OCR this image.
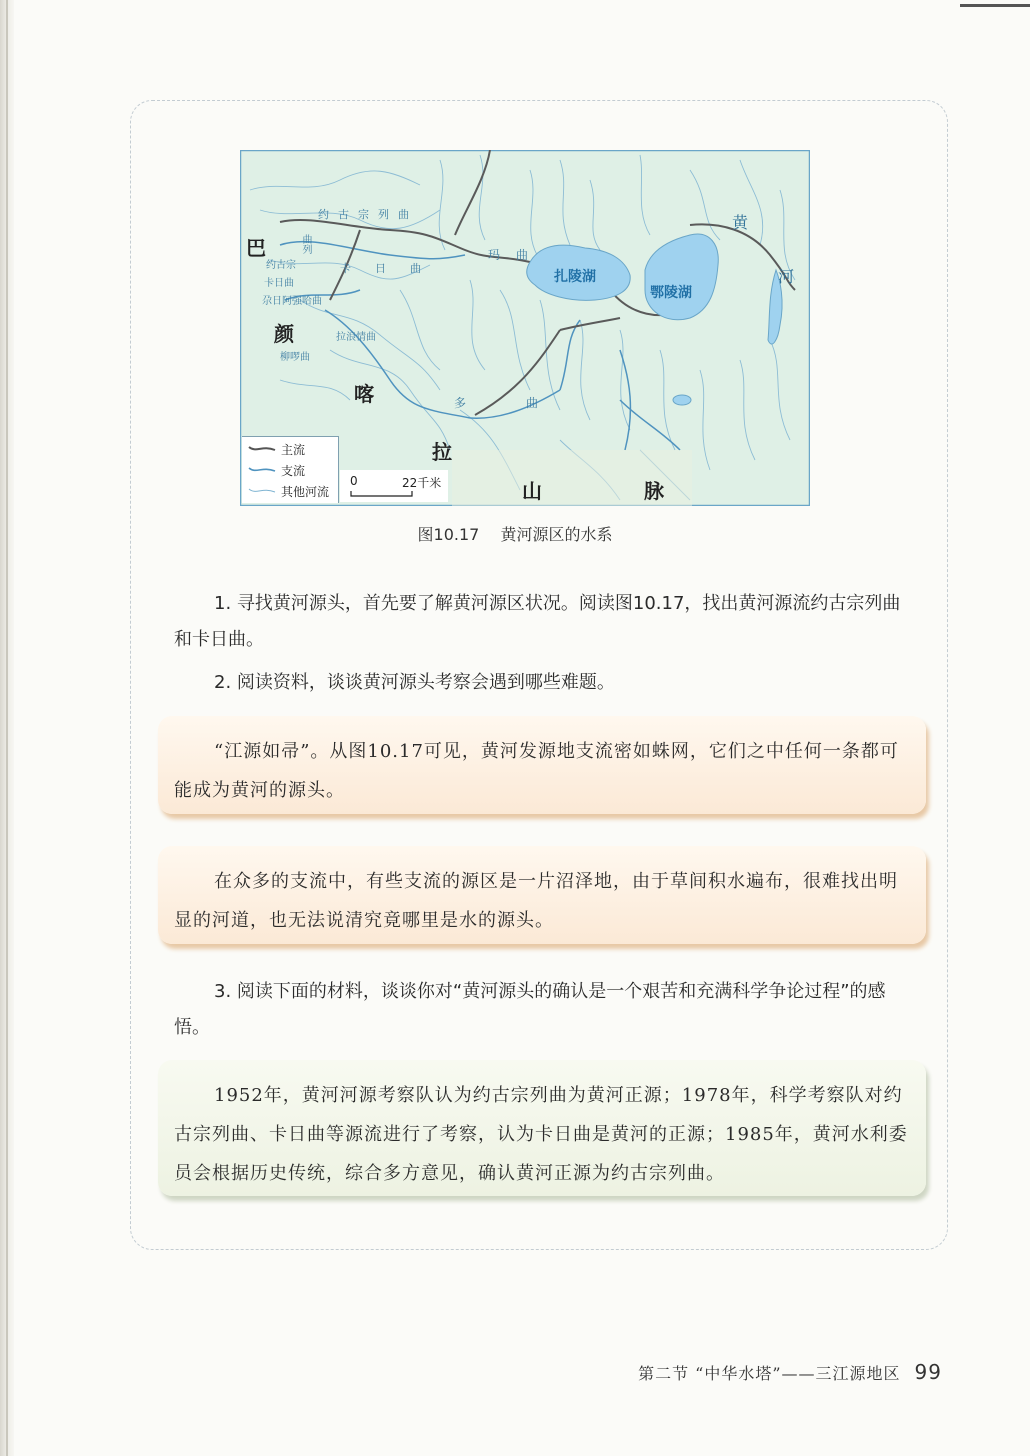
巴
颜
喀
拉
山	脉
扎陵湖
鄂陵湖
黄
河
约古宗列曲
曲列
约古宗
卡日曲
卡日曲
玛曲
尕日阿强哈曲
拉浪情曲
柳啰曲
多曲
主流
支流
其他河流
0	22千米
图10.17 黄河源区的水系
1. 寻找黄河源头，首先要了解黄河源区状况。阅读图10.17，找出黄河源流约古宗列曲和卡日曲。
2. 阅读资料，谈谈黄河源头考察会遇到哪些难题。
“江源如帚”。从图10.17可见，黄河发源地支流密如蛛网，它们之中任何一条都可能成为黄河的源头。
在众多的支流中，有些支流的源区是一片沼泽地，由于草间积水遍布，很难找出明显的河道，也无法说清究竟哪里是水的源头。
3. 阅读下面的材料，谈谈你对“黄河源头的确认是一个艰苦和充满科学争论过程”的感悟。
1952年，黄河河源考察队认为约古宗列曲为黄河正源；1978年，科学考察队对约古宗列曲、卡日曲等源流进行了考察，认为卡日曲是黄河的正源；1985年，黄河水利委员会根据历史传统，综合多方意见，确认黄河正源为约古宗列曲。
第二节 “中华水塔”——三江源地区 99
